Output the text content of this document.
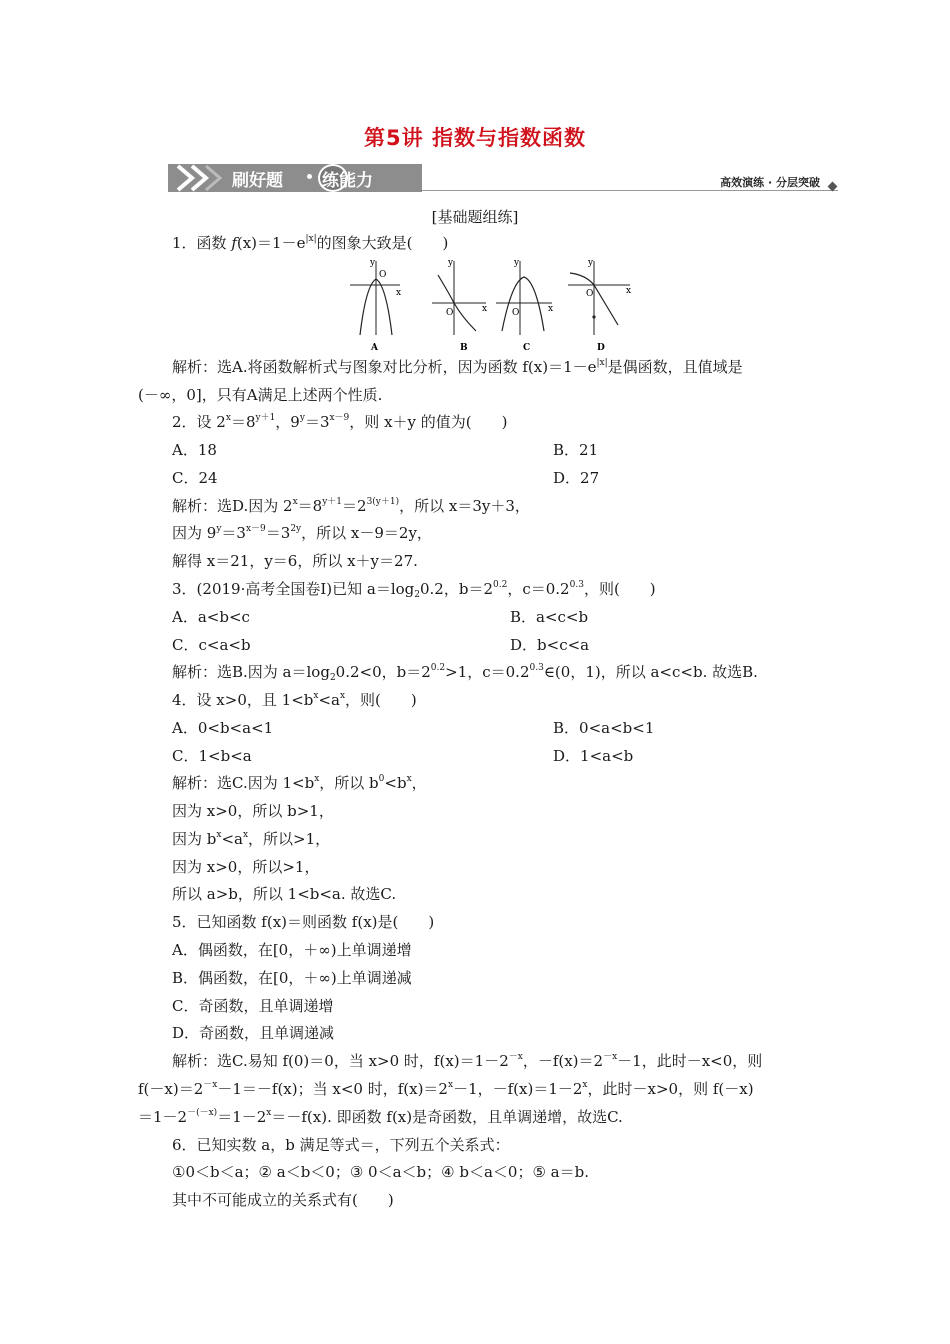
第5讲 指数与指数函数
刷好题 练能力	高效演练 · 分层突破
[基础题组练]
1．函数 $f(x)=1-e^{|x|}$的图象大致是(　　)
y
O
x
A
y
O	x
B
y
O	x
C
y
O	x
D
解析：选A.将函数解析式与图象对比分析，因为函数 $f(x)=1-e^{|x|}$是偶函数，且值域是
(－∞，0]，只有A满足上述两个性质.
2．设 $2^x=8^{y+1}$，$9^y=3^{x-9}$，则 x＋y 的值为(　　)
A．18	B．21
C．24	D．27
解析：选D.因为 $2^x=8^{y+1}=2^{3(y+1)}$，所以 x＝3y＋3，
因为 $9^y=3^{x-9}=3^{2y}$，所以 x－9＝2y，
解得 x＝21，y＝6，所以 x＋y＝27.
3．(2019·高考全国卷Ⅰ)已知 $a=\log_20.2$，$b=2^{0.2}$，$c=0.2^{0.3}$，则(　　)
A．a<b<c	B．a<c<b
C．c<a<b	D．b<c<a
解析：选B.因为 $a=\log_20.2<0$，$b=2^{0.2}>1$，$c=0.2^{0.3}\in(0$，1)，所以 a<c<b. 故选B.
4．设 x>0，且 $1<b^x<a^x$，则(　　)
A．0<b<a<1	B．0<a<b<1
C．1<b<a	D．1<a<b
解析：选C.因为 $1<b^x$，所以 $b^0<b^x$，
因为 x>0，所以 b>1，
因为 $b^x<a^x$，所以>1，
因为 x>0，所以>1，
所以 a>b，所以 1<b<a. 故选C.
5．已知函数 f(x)＝则函数 f(x)是(　　)
A．偶函数，在[0，＋∞)上单调递增
B．偶函数，在[0，＋∞)上单调递减
C．奇函数，且单调递增
D．奇函数，且单调递减
解析：选C.易知 f(0)＝0，当 x>0 时，$f(x)=1-2^{-x}$，$-f(x)=2^{-x}-1$，此时－x<0，则
$f(-x)=2^{-x}-1=-f(x)$；当 x<0 时，$f(x)=2^x-1$，$-f(x)=1-2^x$，此时－x>0，则 f(－x)
$=1-2^{-(-x)}=1-2^x=-f(x)$. 即函数 f(x)是奇函数，且单调递增，故选C.
6．已知实数 a，b 满足等式＝，下列五个关系式：
①0＜b＜a；② a＜b＜0；③ 0＜a＜b；④ b＜a＜0；⑤ a＝b.
其中不可能成立的关系式有(　　)
